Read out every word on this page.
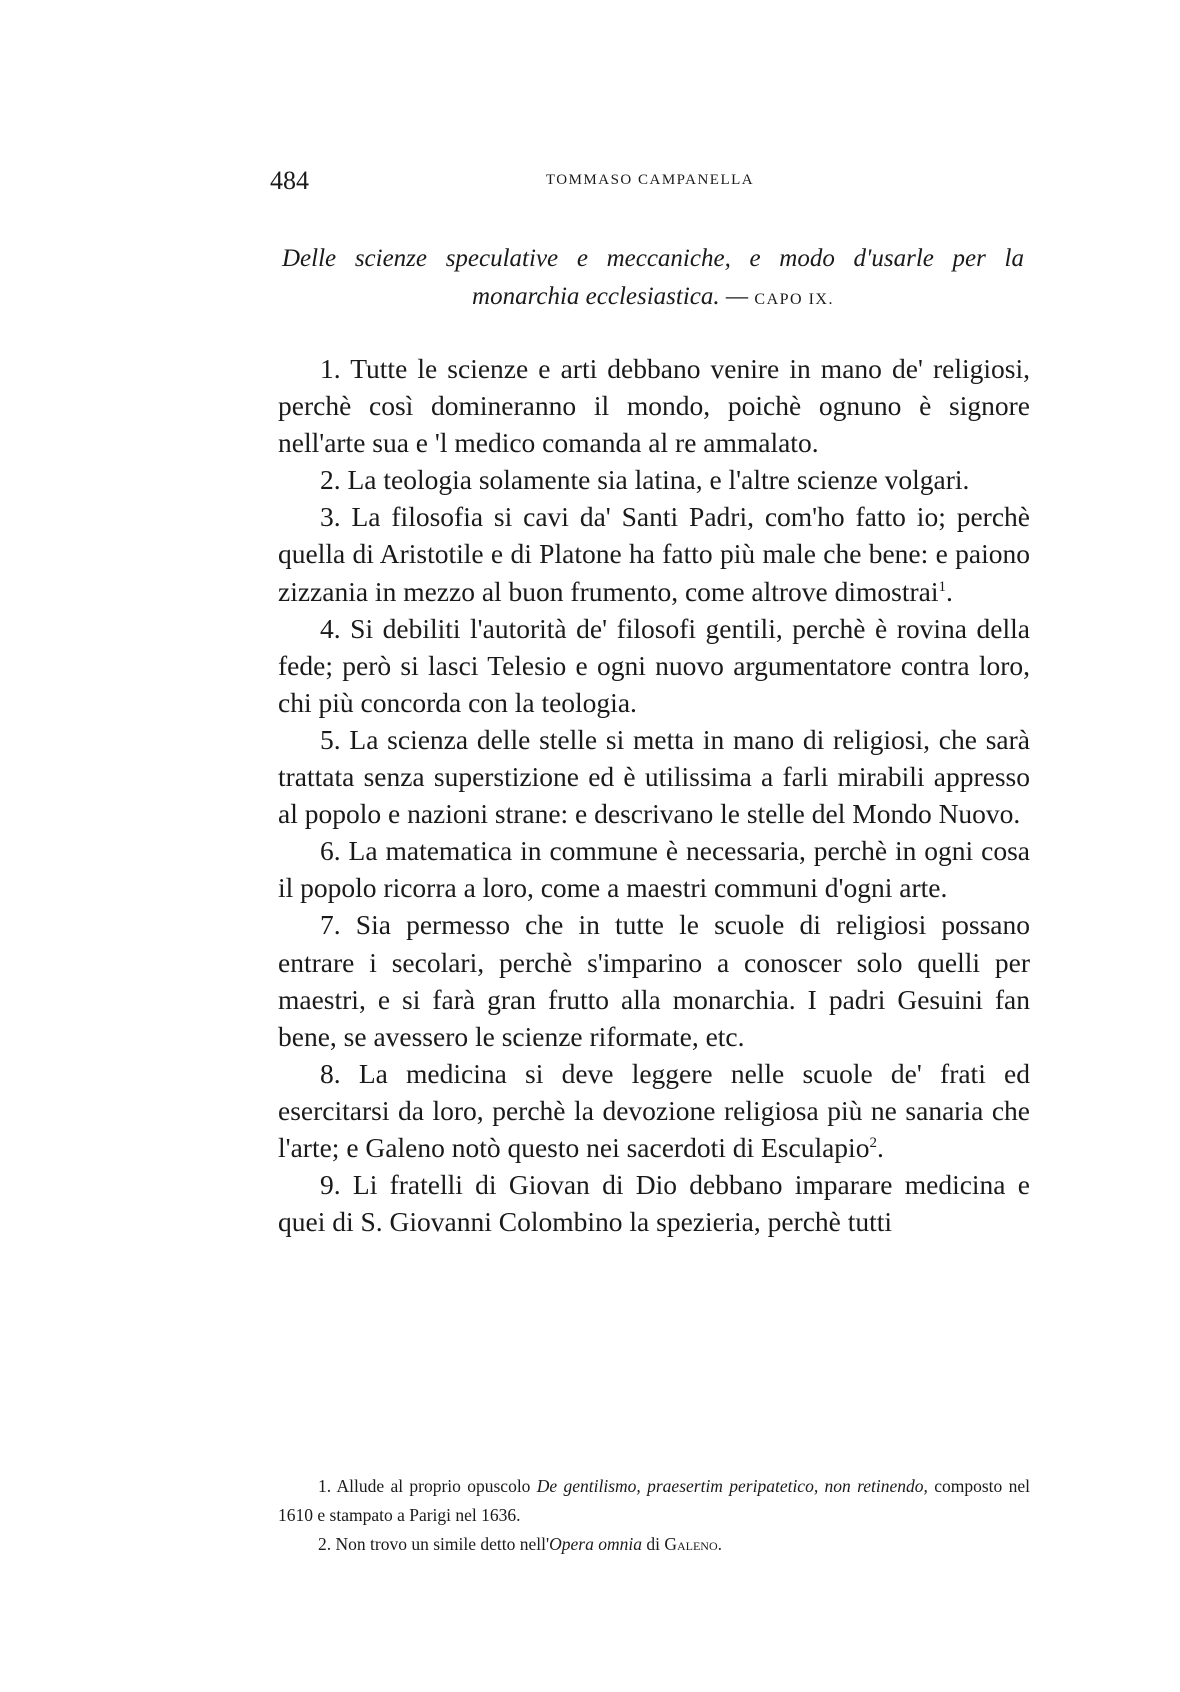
484	TOMMASO CAMPANELLA
Delle scienze speculative e meccaniche, e modo d'usarle per la
monarchia ecclesiastica. — CAPO IX.

1. Tutte le scienze e arti debbano venire in mano de' religiosi, perchè così domineranno il mondo, poichè ognuno è signore nell'arte sua e 'l medico comanda al re ammalato.

2. La teologia solamente sia latina, e l'altre scienze volgari.

3. La filosofia si cavi da' Santi Padri, com'ho fatto io; perchè quella di Aristotile e di Platone ha fatto più male che bene: e paiono zizzania in mezzo al buon frumento, come altrove dimostrai$^1$.

4. Si debiliti l'autorità de' filosofi gentili, perchè è rovina della fede; però si lasci Telesio e ogni nuovo argumentatore contra loro, chi più concorda con la teologia.

5. La scienza delle stelle si metta in mano di religiosi, che sarà trattata senza superstizione ed è utilissima a farli mirabili appresso al popolo e nazioni strane: e descrivano le stelle del Mondo Nuovo.

6. La matematica in commune è necessaria, perchè in ogni cosa il popolo ricorra a loro, come a maestri communi d'ogni arte.

7. Sia permesso che in tutte le scuole di religiosi possano entrare i secolari, perchè s'imparino a conoscer solo quelli per maestri, e si farà gran frutto alla monarchia. I padri Gesuini fan bene, se avessero le scienze riformate, etc.

8. La medicina si deve leggere nelle scuole de' frati ed esercitarsi da loro, perchè la devozione religiosa più ne sanaria che l'arte; e Galeno notò questo nei sacerdoti di Esculapio$^2$.

9. Li fratelli di Giovan di Dio debbano imparare medicina e quei di S. Giovanni Colombino la spezieria, perchè tutti

1. Allude al proprio opuscolo De gentilismo, praesertim peripatetico, non retinendo, composto nel 1610 e stampato a Parigi nel 1636.

2. Non trovo un simile detto nell'Opera omnia di Galeno.
